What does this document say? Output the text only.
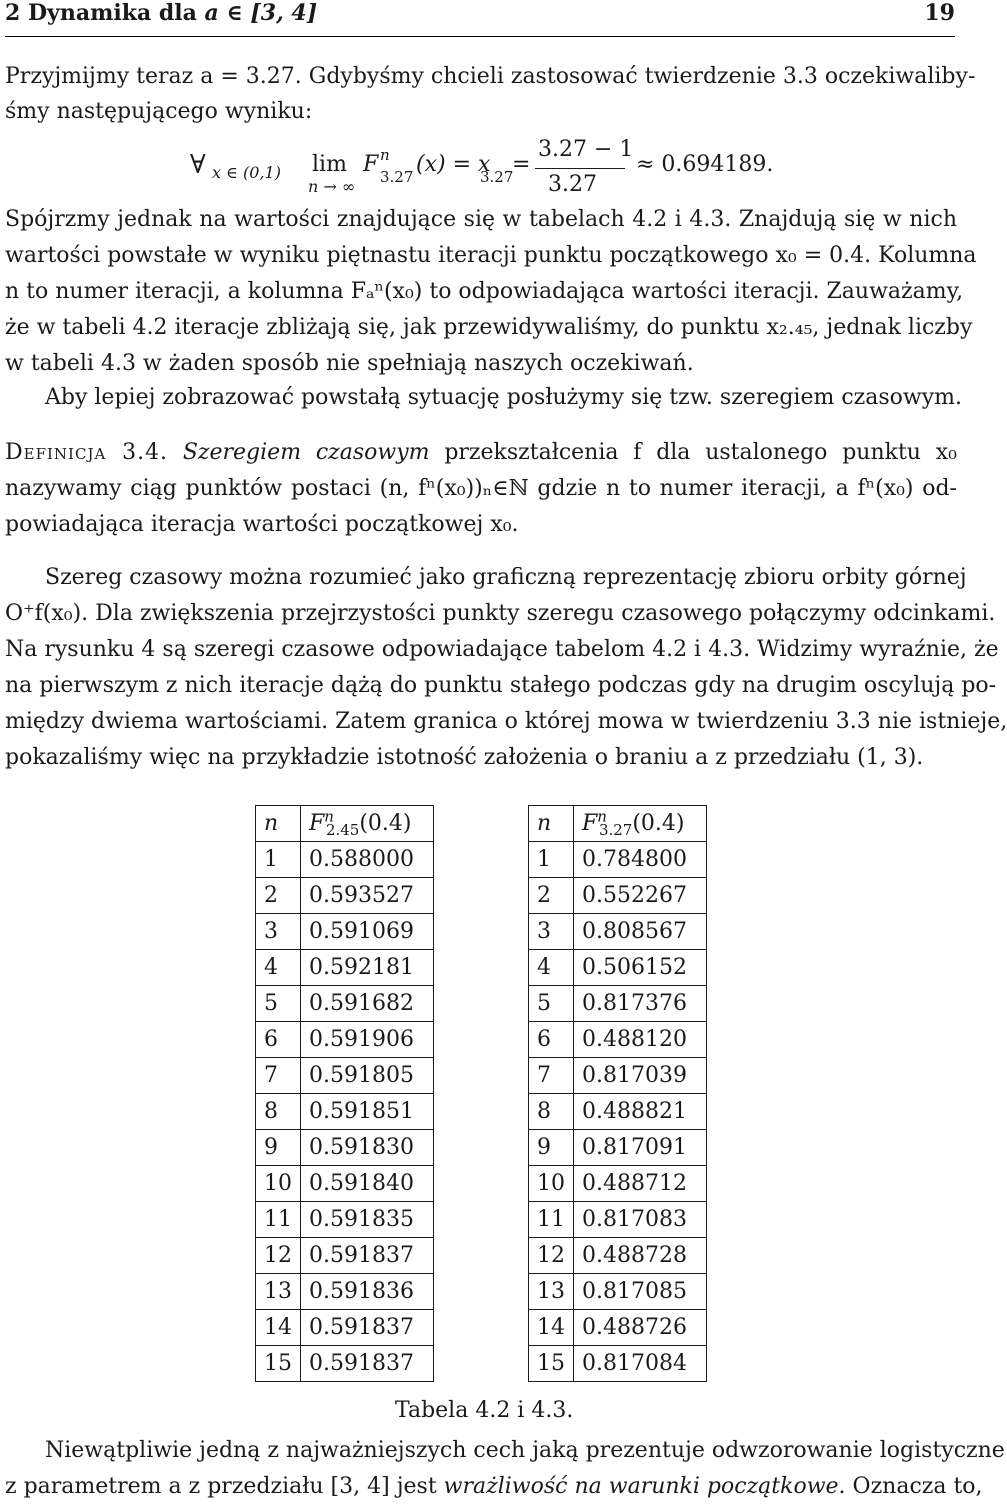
2 Dynamika dla a ∈ [3, 4]	19
Przyjmijmy teraz a = 3.27. Gdybyśmy chcieli zastosować twierdzenie 3.3 oczekiwaliby-
śmy następującego wyniku:
Spójrzmy jednak na wartości znajdujące się w tabelach 4.2 i 4.3. Znajdują się w nich
wartości powstałe w wyniku piętnastu iteracji punktu początkowego x₀ = 0.4. Kolumna
n to numer iteracji, a kolumna Fₐⁿ(x₀) to odpowiadająca wartości iteracji. Zauważamy,
że w tabeli 4.2 iteracje zbliżają się, jak przewidywaliśmy, do punktu x₂.₄₅, jednak liczby
w tabeli 4.3 w żaden sposób nie spełniają naszych oczekiwań.
Aby lepiej zobrazować powstałą sytuację posłużymy się tzw. szeregiem czasowym.
Definicja 3.4. Szeregiem czasowym przekształcenia f dla ustalonego punktu x₀
nazywamy ciąg punktów postaci (n, fⁿ(x₀))ₙ∈ℕ gdzie n to numer iteracji, a fⁿ(x₀) od-
powiadająca iteracja wartości początkowej x₀.
Szereg czasowy można rozumieć jako graficzną reprezentację zbioru orbity górnej
O⁺f(x₀). Dla zwiększenia przejrzystości punkty szeregu czasowego połączymy odcinkami.
Na rysunku 4 są szeregi czasowe odpowiadające tabelom 4.2 i 4.3. Widzimy wyraźnie, że
na pierwszym z nich iteracje dążą do punktu stałego podczas gdy na drugim oscylują po-
między dwiema wartościami. Zatem granica o której mowa w twierdzeniu 3.3 nie istnieje,
pokazaliśmy więc na przykładzie istotność założenia o braniu a z przedziału (1, 3).
Niewątpliwie jedną z najważniejszych cech jaką prezentuje odwzorowanie logistyczne
z parametrem a z przedziału [3, 4] jest wrażliwość na warunki początkowe. Oznacza to,
∀ x ∈ (0,1) lim
n → ∞
F n
3.27 (x) = x
3.27
=
3.27 − 1
3.27
≈ 0.694189.
n	$F^n_{2.45}(0.4)$
1	0.588000
2	0.593527
3	0.591069
4	0.592181
5	0.591682
6	0.591906
7	0.591805
8	0.591851
9	0.591830
10	0.591840
11	0.591835
12	0.591837
13	0.591836
14	0.591837
15	0.591837
n	$F^n_{3.27}(0.4)$
1	0.784800
2	0.552267
3	0.808567
4	0.506152
5	0.817376
6	0.488120
7	0.817039
8	0.488821
9	0.817091
10	0.488712
11	0.817083
12	0.488728
13	0.817085
14	0.488726
15	0.817084
Tabela 4.2 i 4.3.
